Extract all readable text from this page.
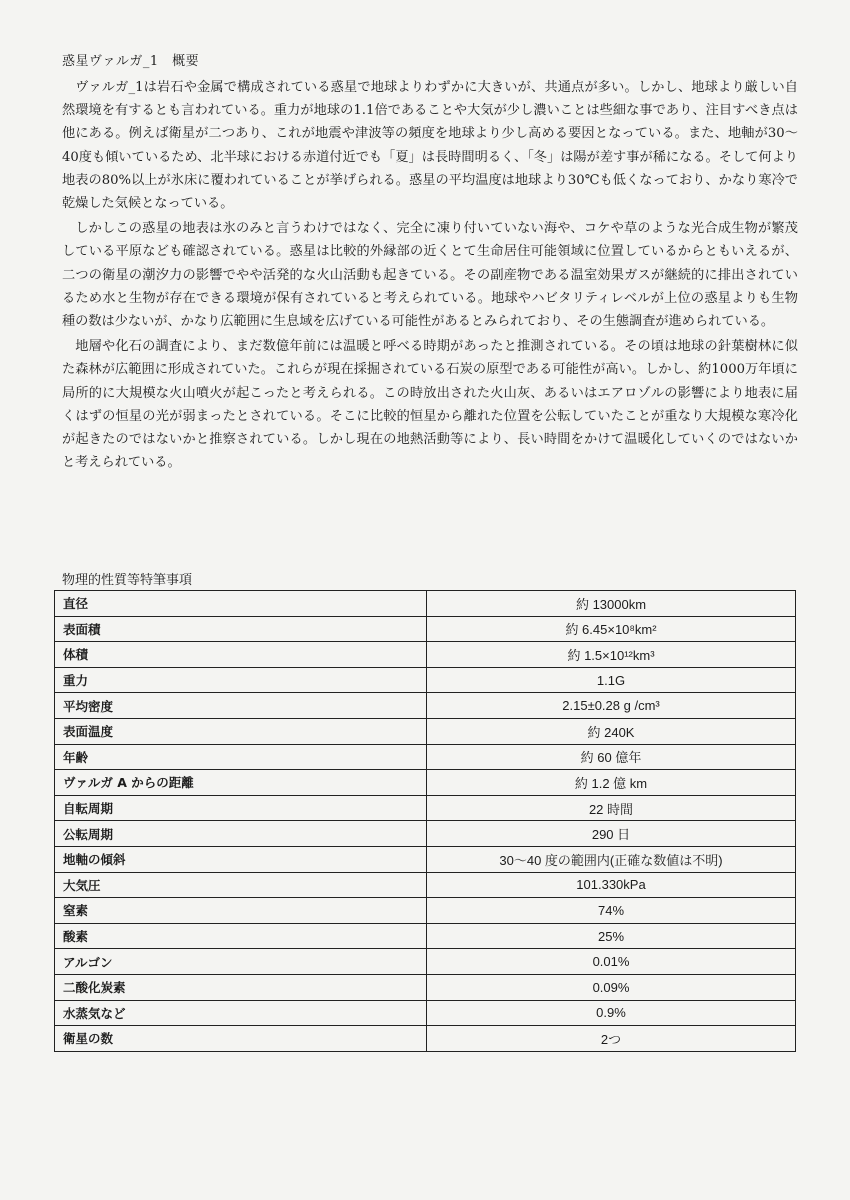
惑星ヴァルガ_1　概要

ヴァルガ_1は岩石や金属で構成されている惑星で地球よりわずかに大きいが、共通点が多い。しかし、地球より厳しい自然環境を有するとも言われている。重力が地球の1.1倍であることや大気が少し濃いことは些細な事であり、注目すべき点は他にある。例えば衛星が二つあり、これが地震や津波等の頻度を地球より少し高める要因となっている。また、地軸が30～40度も傾いているため、北半球における赤道付近でも「夏」は長時間明るく、「冬」は陽が差す事が稀になる。そして何より地表の80%以上が氷床に覆われていることが挙げられる。惑星の平均温度は地球より30℃も低くなっており、かなり寒冷で乾燥した気候となっている。

しかしこの惑星の地表は氷のみと言うわけではなく、完全に凍り付いていない海や、コケや草のような光合成生物が繁茂している平原なども確認されている。惑星は比較的外縁部の近くとて生命居住可能領域に位置しているからともいえるが、二つの衛星の潮汐力の影響でやや活発的な火山活動も起きている。その副産物である温室効果ガスが継続的に排出されているため水と生物が存在できる環境が保有されていると考えられている。地球やハビタリティレベルが上位の惑星よりも生物種の数は少ないが、かなり広範囲に生息域を広げている可能性があるとみられており、その生態調査が進められている。

地層や化石の調査により、まだ数億年前には温暖と呼べる時期があったと推測されている。その頃は地球の針葉樹林に似た森林が広範囲に形成されていた。これらが現在採掘されている石炭の原型である可能性が高い。しかし、約1000万年頃に局所的に大規模な火山噴火が起こったと考えられる。この時放出された火山灰、あるいはエアロゾルの影響により地表に届くはずの恒星の光が弱まったとされている。そこに比較的恒星から離れた位置を公転していたことが重なり大規模な寒冷化が起きたのではないかと推察されている。しかし現在の地熱活動等により、長い時間をかけて温暖化していくのではないかと考えられている。

物理的性質等特筆事項
直径	約 13000km
表面積	約 6.45×10⁸km²
体積	約 1.5×10¹²km³
重力	1.1G
平均密度	2.15±0.28 g /cm³
表面温度	約 240K
年齢	約 60 億年
ヴァルガ A からの距離	約 1.2 億 km
自転周期	22 時間
公転周期	290 日
地軸の傾斜	30～40 度の範囲内(正確な数値は不明)
大気圧	101.330kPa
窒素	74%
酸素	25%
アルゴン	0.01%
二酸化炭素	0.09%
水蒸気など	0.9%
衛星の数	2つ
